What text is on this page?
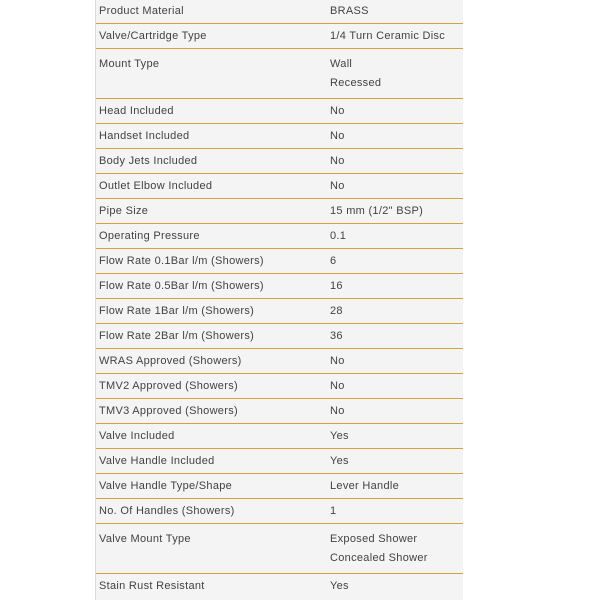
Product Material	BRASS
Valve/Cartridge Type	1/4 Turn Ceramic Disc
Mount Type	Wall
Recessed
Head Included	No
Handset Included	No
Body Jets Included	No
Outlet Elbow Included	No
Pipe Size	15 mm (1/2" BSP)
Operating Pressure	0.1
Flow Rate 0.1Bar l/m (Showers)	6
Flow Rate 0.5Bar l/m (Showers)	16
Flow Rate 1Bar l/m (Showers)	28
Flow Rate 2Bar l/m (Showers)	36
WRAS Approved (Showers)	No
TMV2 Approved (Showers)	No
TMV3 Approved (Showers)	No
Valve Included	Yes
Valve Handle Included	Yes
Valve Handle Type/Shape	Lever Handle
No. Of Handles (Showers)	1
Valve Mount Type	Exposed Shower
Concealed Shower
Stain Rust Resistant	Yes
